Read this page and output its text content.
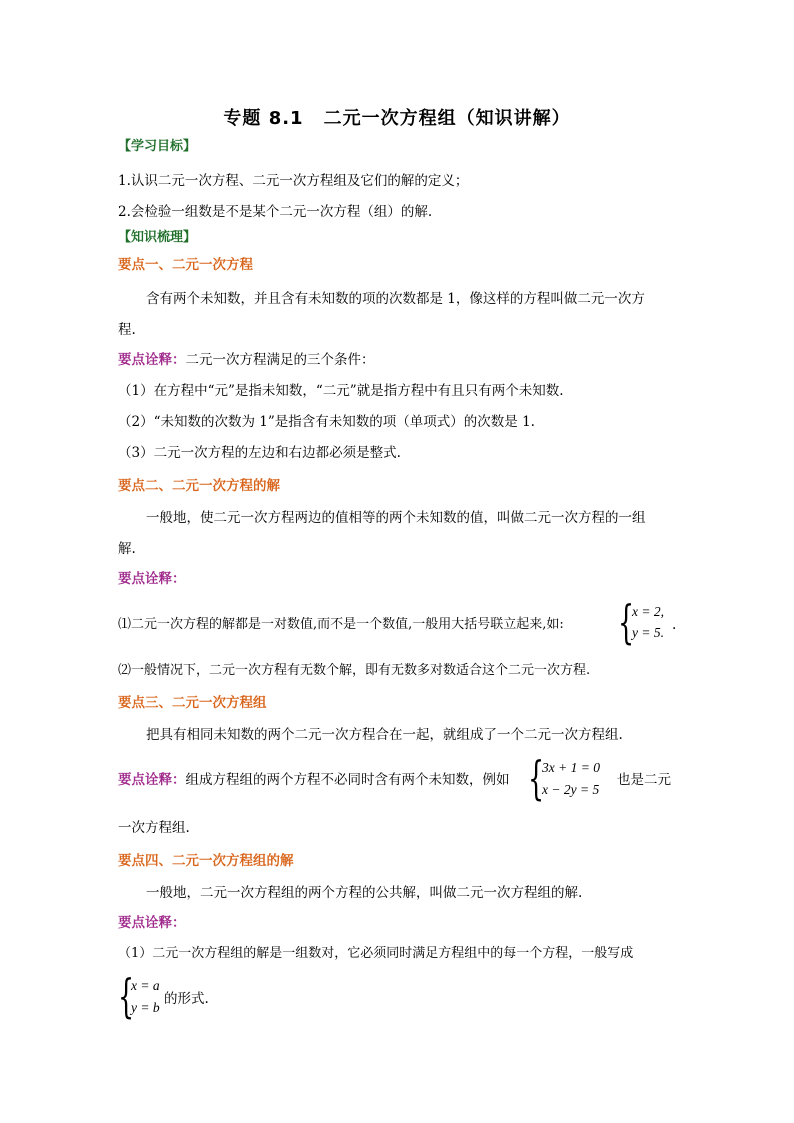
专题 8.1 二元一次方程组（知识讲解）
【学习目标】
1.认识二元一次方程、二元一次方程组及它们的解的定义；
2.会检验一组数是不是某个二元一次方程（组）的解.
【知识梳理】
要点一、二元一次方程
含有两个未知数，并且含有未知数的项的次数都是 1，像这样的方程叫做二元一次方
程.
要点诠释：二元一次方程满足的三个条件：
（1）在方程中“元”是指未知数，“二元”就是指方程中有且只有两个未知数.
（2）“未知数的次数为 1”是指含有未知数的项（单项式）的次数是 1.
（3）二元一次方程的左边和右边都必须是整式.
要点二、二元一次方程的解
一般地，使二元一次方程两边的值相等的两个未知数的值，叫做二元一次方程的一组
解.
要点诠释：
⑴二元一次方程的解都是一对数值,而不是一个数值,一般用大括号联立起来,如: {
x = 2,
y = 5. .
⑵一般情况下，二元一次方程有无数个解，即有无数多对数适合这个二元一次方程.
要点三、二元一次方程组
把具有相同未知数的两个二元一次方程合在一起，就组成了一个二元一次方程组.
要点诠释：组成方程组的两个方程不必同时含有两个未知数，例如 {
3x + 1 = 0
x − 2y = 5
也是二元
一次方程组.
要点四、二元一次方程组的解
一般地，二元一次方程组的两个方程的公共解，叫做二元一次方程组的解.
要点诠释：
（1）二元一次方程组的解是一组数对，它必须同时满足方程组中的每一个方程，一般写成
{
x = a
y = b
的形式.
